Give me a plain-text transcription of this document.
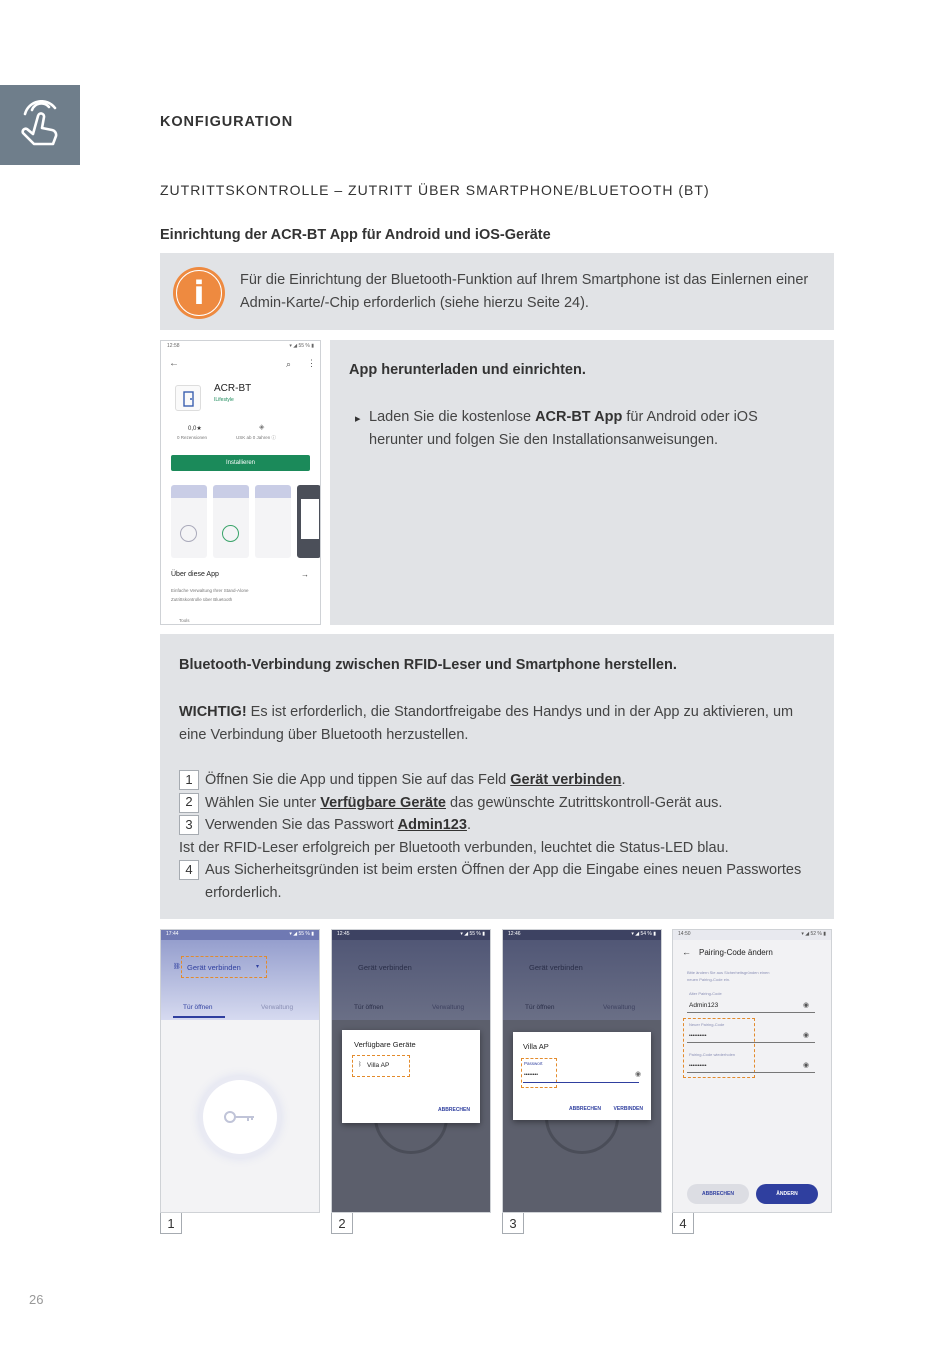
KONFIGURATION
ZUTRITTSKONTROLLE – ZUTRITT ÜBER SMARTPHONE/BLUETOOTH (BT)
Einrichtung der ACR-BT App für Android und iOS-Geräte
i Für die Einrichtung der Bluetooth-Funktion auf Ihrem Smartphone ist das Einlernen einer Admin-Karte/-Chip erforderlich (siehe hierzu Seite 24).
12:58	▾ ◢ 55 % ▮
←	⌕ ⋮
ACR-BT
ILifestyle
0,0★
0 Rezensionen
◈
USK ab 0 Jahren ⓘ
Installieren
Über diese App	→
Einfache Verwaltung Ihrer Stand-Alone
Zutrittskontrolle über Bluetooth
Tools
App herunterladen und einrichten.
▸ Laden Sie die kostenlose ACR-BT App für Android oder iOS herunter und folgen Sie den Installationsanweisungen.
Bluetooth-Verbindung zwischen RFID-Leser und Smartphone herstellen.
WICHTIG! Es ist erforderlich, die Standortfreigabe des Handys und in der App zu aktivieren, um eine Verbindung über Bluetooth herzustellen.
1 Öffnen Sie die App und tippen Sie auf das Feld Gerät verbinden.
2 Wählen Sie unter Verfügbare Geräte das gewünschte Zutrittskontroll-Gerät aus.
3 Verwenden Sie das Passwort Admin123.
Ist der RFID-Leser erfolgreich per Bluetooth verbunden, leuchtet die Status-LED blau.
4 Aus Sicherheitsgründen ist beim ersten Öffnen der App die Eingabe eines neuen Passwortes erforderlich.
17:44	▾ ◢ 55 % ▮
⛓ Gerät verbinden	▾
Tür öffnen	Verwaltung
1
12:45	▾ ◢ 55 % ▮
Gerät verbinden
Tür öffnen	Verwaltung
Verfügbare Geräte
ᛒ Villa AP
ABBRECHEN
2
12:46	▾ ◢ 54 % ▮
Gerät verbinden
Tür öffnen	Verwaltung
Villa AP
Passwort
••••••••	◉
ABBRECHEN	VERBINDEN
3
14:50	▾ ◢ 52 % ▮
← Pairing-Code ändern
Bitte ändern Sie aus Sicherheitsgründen einen
neuen Pairing-Code ein.
Alter Pairing-Code
Admin123	◉
Neuer Pairing-Code
••••••••••	◉
Pairing-Code wiederholen
••••••••••	◉
ABBRECHEN	ÄNDERN
4
26
